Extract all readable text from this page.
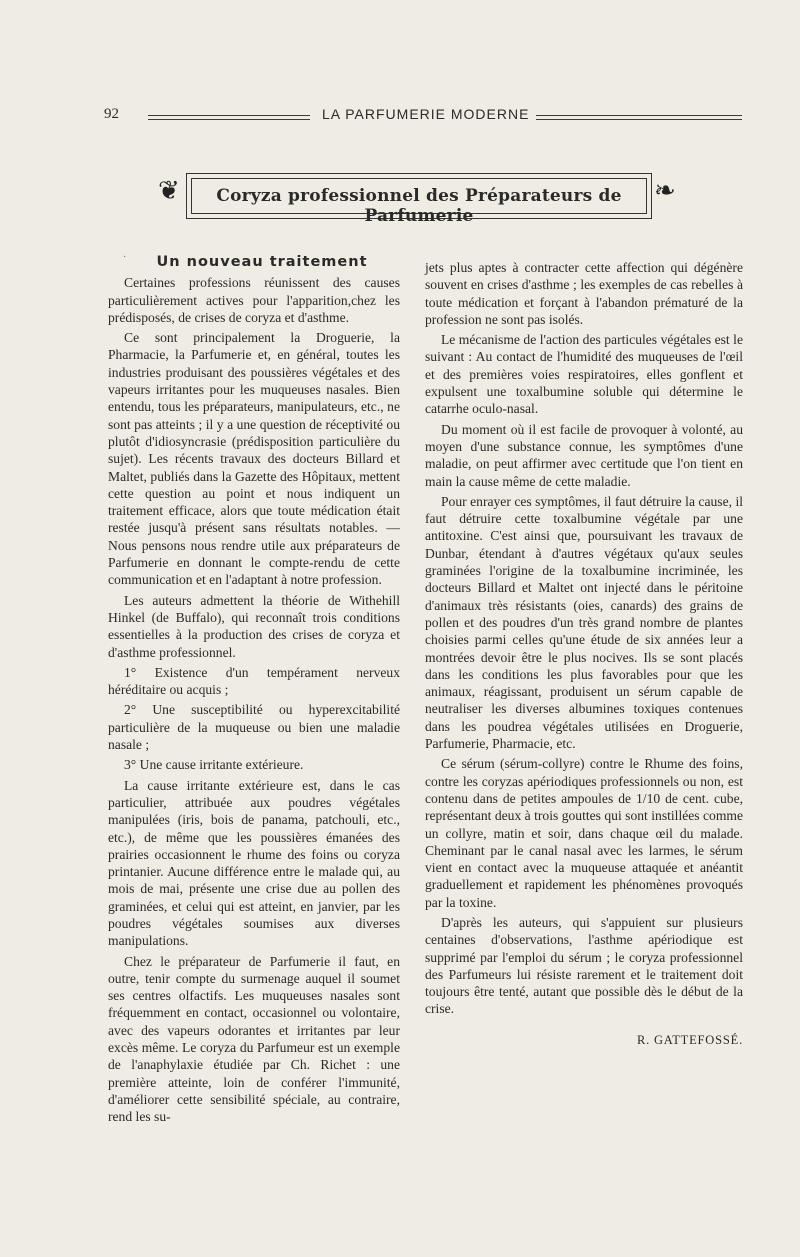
92	LA PARFUMERIE MODERNE
❦	Coryza professionnel des Préparateurs de Parfumerie
❧
·	Un nouveau traitement

Certaines professions réunissent des causes particulièrement actives pour l'apparition,chez les prédisposés, de crises de coryza et d'asthme.

Ce sont principalement la Droguerie, la Pharmacie, la Parfumerie et, en général, toutes les industries produisant des poussières végétales et des vapeurs irritantes pour les muqueuses nasales. Bien entendu, tous les préparateurs, manipulateurs, etc., ne sont pas atteints ; il y a une question de réceptivité ou plutôt d'idiosyncrasie (prédisposition particulière du sujet). Les récents travaux des docteurs Billard et Maltet, publiés dans la Gazette des Hôpitaux, mettent cette question au point et nous indiquent un traitement efficace, alors que toute médication était restée jusqu'à présent sans résultats notables. — Nous pensons nous rendre utile aux préparateurs de Parfumerie en donnant le compte-rendu de cette communication et en l'adaptant à notre profession.

Les auteurs admettent la théorie de Withehill Hinkel (de Buffalo), qui reconnaît trois conditions essentielles à la production des crises de coryza et d'asthme professionnel.

1° Existence d'un tempérament nerveux héréditaire ou acquis ;

2° Une susceptibilité ou hyperexcitabilité particulière de la muqueuse ou bien une maladie nasale ;

3° Une cause irritante extérieure.

La cause irritante extérieure est, dans le cas particulier, attribuée aux poudres végétales manipulées (iris, bois de panama, patchouli, etc., etc.), de même que les poussières émanées des prairies occasionnent le rhume des foins ou coryza printanier. Aucune différence entre le malade qui, au mois de mai, présente une crise due au pollen des graminées, et celui qui est atteint, en janvier, par les poudres végétales soumises aux diverses manipulations.

Chez le préparateur de Parfumerie il faut, en outre, tenir compte du surmenage auquel il soumet ses centres olfactifs. Les muqueuses nasales sont fréquemment en contact, occasionnel ou volontaire, avec des vapeurs odorantes et irritantes par leur excès même. Le coryza du Parfumeur est un exemple de l'anaphylaxie étudiée par Ch. Richet : une première atteinte, loin de conférer l'immunité, d'améliorer cette sensibilité spéciale, au contraire, rend les su-

jets plus aptes à contracter cette affection qui dégénère souvent en crises d'asthme ; les exemples de cas rebelles à toute médication et forçant à l'abandon prématuré de la profession ne sont pas isolés.

Le mécanisme de l'action des particules végétales est le suivant : Au contact de l'humidité des muqueuses de l'œil et des premières voies respiratoires, elles gonflent et expulsent une toxalbumine soluble qui détermine le catarrhe oculo-nasal.

Du moment où il est facile de provoquer à volonté, au moyen d'une substance connue, les symptômes d'une maladie, on peut affirmer avec certitude que l'on tient en main la cause même de cette maladie.

Pour enrayer ces symptômes, il faut détruire la cause, il faut détruire cette toxalbumine végétale par une antitoxine. C'est ainsi que, poursuivant les travaux de Dunbar, étendant à d'autres végétaux qu'aux seules graminées l'origine de la toxalbumine incriminée, les docteurs Billard et Maltet ont injecté dans le péritoine d'animaux très résistants (oies, canards) des grains de pollen et des poudres d'un très grand nombre de plantes choisies parmi celles qu'une étude de six années leur a montrées devoir être le plus nocives. Ils se sont placés dans les conditions les plus favorables pour que les animaux, réagissant, produisent un sérum capable de neutraliser les diverses albumines toxiques contenues dans les poudrea végétales utilisées en Droguerie, Parfumerie, Pharmacie, etc.

Ce sérum (sérum-collyre) contre le Rhume des foins, contre les coryzas apériodiques professionnels ou non, est contenu dans de petites ampoules de 1/10 de cent. cube, représentant deux à trois gouttes qui sont instillées comme un collyre, matin et soir, dans chaque œil du malade. Cheminant par le canal nasal avec les larmes, le sérum vient en contact avec la muqueuse attaquée et anéantit graduellement et rapidement les phénomènes provoqués par la toxine.

D'après les auteurs, qui s'appuient sur plusieurs centaines d'observations, l'asthme apériodique est supprimé par l'emploi du sérum ; le coryza professionnel des Parfumeurs lui résiste rarement et le traitement doit toujours être tenté, autant que possible dès le début de la crise.

R. GATTEFOSSÉ.
